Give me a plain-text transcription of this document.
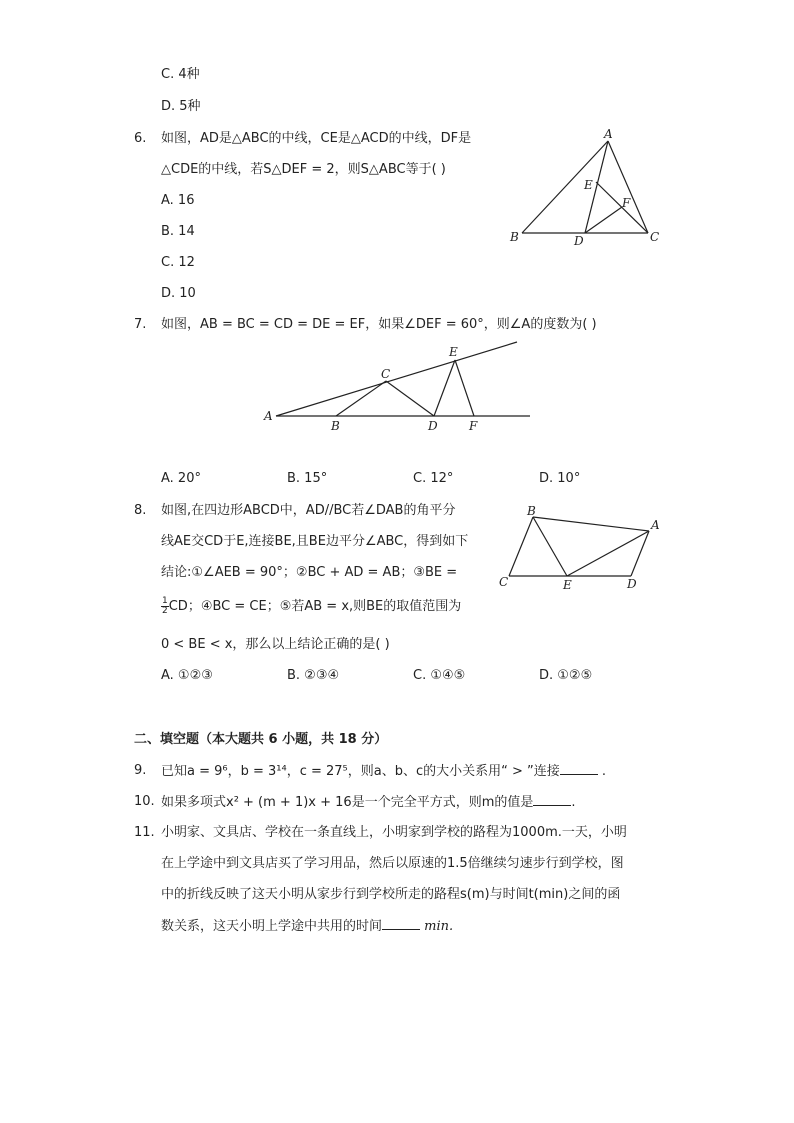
C. 4种
D. 5种
6. 如图，AD是△ABC的中线，CE是△ACD的中线，DF是
△CDE的中线，若S△DEF = 2，则S△ABC等于( )
A. 16
B. 14
C. 12
D. 10
A
B	C
D
E
F
7. 如图，AB = BC = CD = DE = EF，如果∠DEF = 60°，则∠A的度数为( )
A
B
C
D
E
F
A. 20°	B. 15°	C. 12°	D. 10°
8. 如图,在四边形ABCD中，AD//BC若∠DAB的角平分
线AE交CD于E,连接BE,且BE边平分∠ABC，得到如下
结论:①∠AEB = 90°；②BC + AD = AB；③BE =
$\frac{1}{2}$ CD；④BC = CE；⑤若AB = x,则BE的取值范围为
0 < BE < x，那么以上结论正确的是( )
B
A
C	D
E
A. ①②③	B. ②③④	C. ①④⑤	D. ①②⑤
二、填空题（本大题共 6 小题，共 18 分）
9. 已知a = 9⁶，b = 3¹⁴，c = 27⁵，则a、b、c的大小关系用“ > ”连接	.
10. 如果多项式x² + (m + 1)x + 16是一个完全平方式，则m的值是	.
11. 小明家、文具店、学校在一条直线上，小明家到学校的路程为1000m.一天，小明
在上学途中到文具店买了学习用品，然后以原速的1.5倍继续匀速步行到学校，图
中的折线反映了这天小明从家步行到学校所走的路程s(m)与时间t(min)之间的函
数关系，这天小明上学途中共用的时间	min.
